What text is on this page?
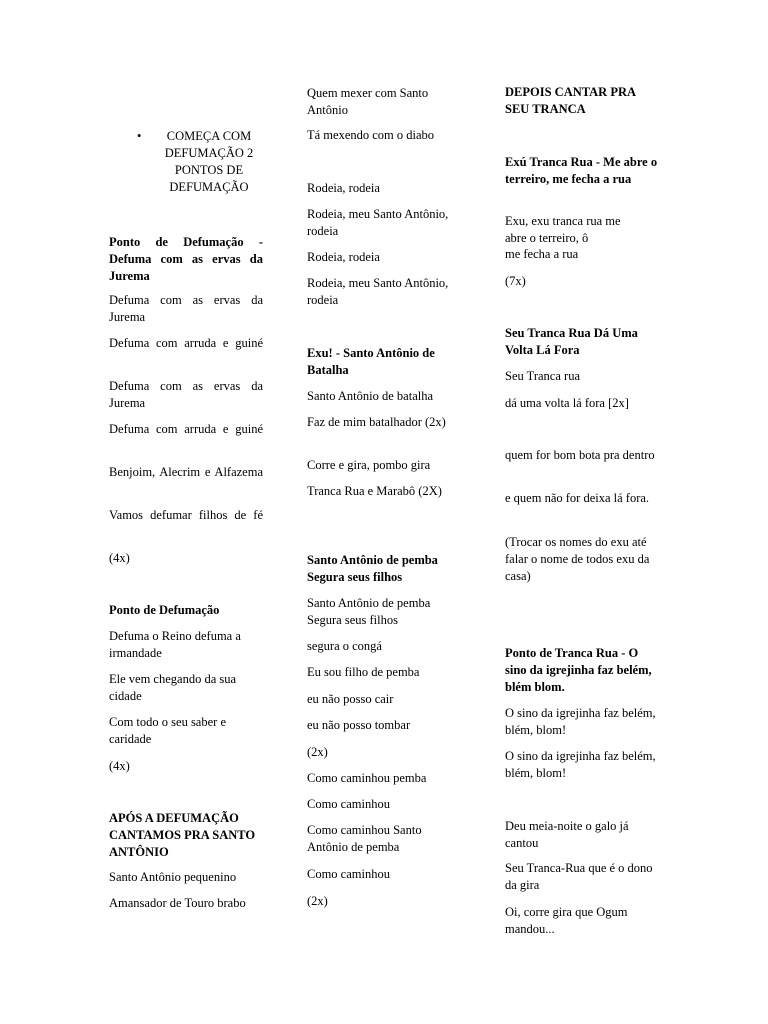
•	COMEÇA COM DEFUMAÇÃO 2 PONTOS DE DEFUMAÇÃO

Ponto de Defumação - Defuma com as ervas da Jurema

Defuma com as ervas da Jurema

Defuma com arruda e guiné

Defuma com as ervas da Jurema

Defuma com arruda e guiné

Benjoim, Alecrim e Alfazema

Vamos defumar filhos de fé

(4x)

Ponto de Defumação

Defuma o Reino defuma a irmandade

Ele vem chegando da sua cidade

Com todo o seu saber e caridade

(4x)

APÓS A DEFUMAÇÃO CANTAMOS PRA SANTO ANTÔNIO

Santo Antônio pequenino

Amansador de Touro brabo

Quem mexer com Santo Antônio

Tá mexendo com o diabo

Rodeia, rodeia

Rodeia, meu Santo Antônio, rodeia

Rodeia, rodeia

Rodeia, meu Santo Antônio, rodeia

Exu! - Santo Antônio de Batalha

Santo Antônio de batalha

Faz de mim batalhador (2x)

Corre e gira, pombo gira

Tranca Rua e Marabô (2X)

Santo Antônio de pemba Segura seus filhos

Santo Antônio de pemba Segura seus filhos

segura o congá

Eu sou filho de pemba

eu não posso cair

eu não posso tombar

(2x)

Como caminhou pemba

Como caminhou

Como caminhou Santo Antônio de pemba

Como caminhou

(2x)

DEPOIS CANTAR PRA SEU TRANCA

Exú Tranca Rua - Me abre o terreiro, me fecha a rua

Exu, exu tranca rua me

abre o terreiro, ô

me fecha a rua

(7x)

Seu Tranca Rua Dá Uma Volta Lá Fora

Seu Tranca rua

dá uma volta lá fora [2x]

quem for bom bota pra dentro

e quem não for deixa lá fora.

(Trocar os nomes do exu até falar o nome de todos exu da casa)

Ponto de Tranca Rua - O sino da igrejinha faz belém, blém blom.

O sino da igrejinha faz belém, blém, blom!

O sino da igrejinha faz belém, blém, blom!

Deu meia-noite o galo já cantou

Seu Tranca-Rua que é o dono da gira

Oi, corre gira que Ogum mandou...
